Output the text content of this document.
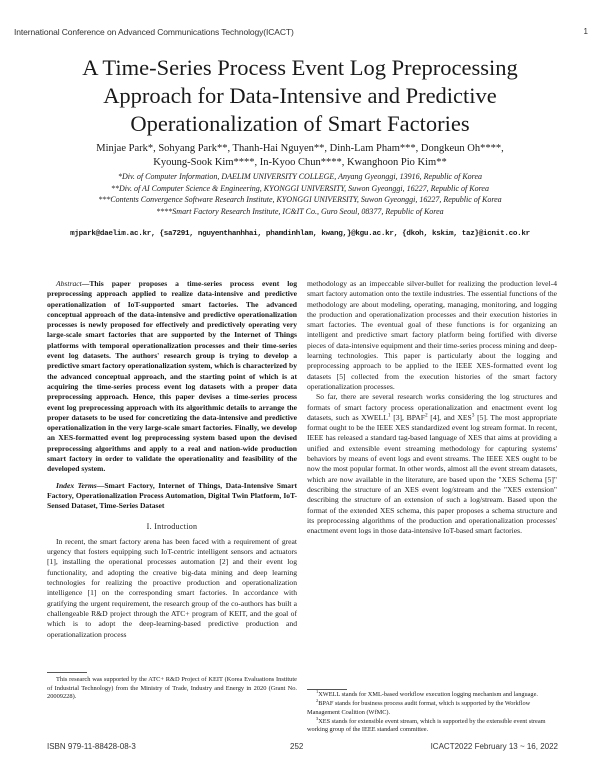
International Conference on Advanced Communications Technology(ICACT)	1
A Time-Series Process Event Log Preprocessing
Approach for Data-Intensive and Predictive
Operationalization of Smart Factories
Minjae Park*, Sohyang Park**, Thanh-Hai Nguyen**, Dinh-Lam Pham***, Dongkeun Oh****,
Kyoung-Sook Kim****, In-Kyoo Chun****, Kwanghoon Pio Kim**
*Div. of Computer Information, DAELIM UNIVERSITY COLLEGE, Anyang Gyeonggi, 13916, Republic of Korea
**Div. of AI Computer Science & Engineering, KYONGGI UNIVERSITY, Suwon Gyeonggi, 16227, Republic of Korea
***Contents Convergence Software Research Institute, KYONGGI UNIVERSITY, Suwon Gyeonggi, 16227, Republic of Korea
****Smart Factory Research Institute, IC&IT Co., Guro Seoul, 08377, Republic of Korea
mjpark@daelim.ac.kr, {sa7291, nguyenthanhhai, phamdinhlam, kwang,}@kgu.ac.kr, {dkoh, kskim, taz}@icnit.co.kr

Abstract—This paper proposes a time-series process event log preprocessing approach applied to realize data-intensive and predictive operationalization of IoT-supported smart factories. The advanced conceptual approach of the data-intensive and predictive operationalization processes is newly proposed for effectively and predictively operating very large-scale smart factories that are supported by the Internet of Things platforms with temporal operationalization processes and their time-series event log datasets. The authors' research group is trying to develop a predictive smart factory operationalization system, which is characterized by the advanced conceptual approach, and the starting point of which is at acquiring the time-series process event log datasets with a proper data preprocessing approach. Hence, this paper devises a time-series process event log preprocessing approach with its algorithmic details to arrange the proper datasets to be used for concretizing the data-intensive and predictive operationalization in the very large-scale smart factories. Finally, we develop an XES-formatted event log preprocessing system based upon the devised preprocessing algorithms and apply to a real and nation-wide production smart factory in order to validate the operationality and feasibility of the developed system.

Index Terms—Smart Factory, Internet of Things, Data-Intensive Smart Factory, Operationalization Process Automation, Digital Twin Platform, IoT-Sensed Dataset, Time-Series Dataset

I. Introduction

In recent, the smart factory arena has been faced with a requirement of great urgency that fosters equipping such IoT-centric intelligent sensors and actuators [1], installing the operational processes automation [2] and their event log functionality, and adopting the creative big-data mining and deep learning technologies for realizing the proactive production and operationalization intelligence [1] on the corresponding smart factories. In accordance with gratifying the urgent requirement, the research group of the co-authors has built a challengeable R&D project through the ATC+ program of KEIT, and the goal of which is to adopt the deep-learning-based predictive production and operationalization process

methodology as an impeccable silver-bullet for realizing the production level-4 smart factory automation onto the textile industries. The essential functions of the methodology are about modeling, operating, managing, monitoring, and logging the production and operationalization processes and their execution histories in smart factories. The eventual goal of these functions is for organizing an intelligent and predictive smart factory platform being fortified with diverse pieces of data-intensive equipment and their time-series process mining and deep-learning technologies. This paper is particularly about the logging and preprocessing approach to be applied to the IEEE XES-formatted event log datasets [5] collected from the execution histories of the smart factory operationalization processes.

So far, there are several research works considering the log structures and formats of smart factory process operationalization and enactment event log datasets, such as XWELL$^1$ [3], BPAF$^2$ [4], and XES$^3$ [5]. The most appropriate format ought to be the IEEE XES standardized event log stream format. In recent, IEEE has released a standard tag-based language of XES that aims at providing a unified and extensible event streaming methodology for capturing systems' behaviors by means of event logs and event streams. The IEEE XES ought to be now the most popular format. In other words, almost all the event stream datasets, which are now available in the literature, are based upon the "XES Schema [5]" describing the structure of an XES event log/stream and the "XES extension" describing the structure of an extension of such a log/stream. Based upon the format of the extended XES schema, this paper proposes a schema structure and its preprocessing algorithms of the production and operationalization processes' enactment event logs in those data-intensive IoT-based smart factories.

This research was supported by the ATC+ R&D Project of KEIT (Korea Evaluations Institute of Industrial Technology) from the Ministry of Trade, Industry and Energy in 2020 (Grant No. 20009228).

$^1$XWELL stands for XML-based workflow execution logging mechanism and language.

$^2$BPAF stands for business process audit format, which is supported by the Workflow Management Coalition (WfMC).

$^3$XES stands for extensible event stream, which is supported by the extensible event stream working group of the IEEE standard committee.

ISBN 979-11-88428-08-3	252	ICACT2022 February 13 ~ 16, 2022
